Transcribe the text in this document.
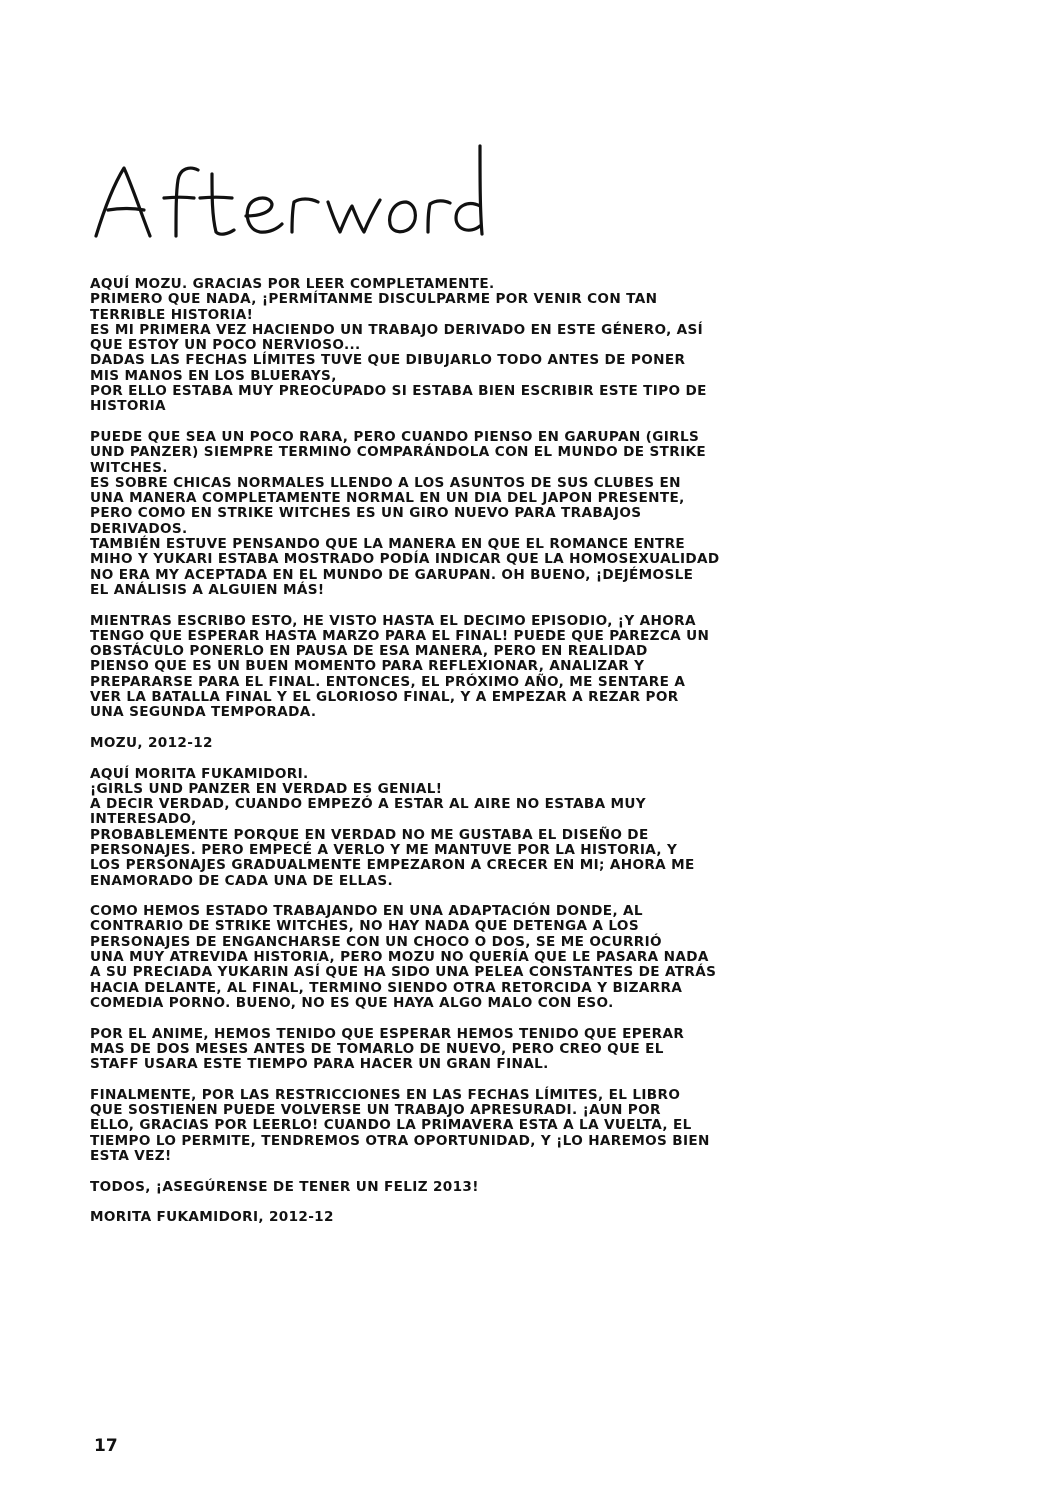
AQUÍ MOZU. GRACIAS POR LEER COMPLETAMENTE.
PRIMERO QUE NADA, ¡PERMÍTANME DISCULPARME POR VENIR CON TAN
TERRIBLE HISTORIA!
ES MI PRIMERA VEZ HACIENDO UN TRABAJO DERIVADO EN ESTE GÉNERO, ASÍ
QUE ESTOY UN POCO NERVIOSO...
DADAS LAS FECHAS LÍMITES TUVE QUE DIBUJARLO TODO ANTES DE PONER
MIS MANOS EN LOS BLUERAYS,
POR ELLO ESTABA MUY PREOCUPADO SI ESTABA BIEN ESCRIBIR ESTE TIPO DE
HISTORIA
PUEDE QUE SEA UN POCO RARA, PERO CUANDO PIENSO EN GARUPAN (GIRLS
UND PANZER) SIEMPRE TERMINO COMPARÁNDOLA CON EL MUNDO DE STRIKE
WITCHES.
ES SOBRE CHICAS NORMALES LLENDO A LOS ASUNTOS DE SUS CLUBES EN
UNA MANERA COMPLETAMENTE NORMAL EN UN DIA DEL JAPON PRESENTE,
PERO COMO EN STRIKE WITCHES ES UN GIRO NUEVO PARA TRABAJOS
DERIVADOS.
TAMBIÉN ESTUVE PENSANDO QUE LA MANERA EN QUE EL ROMANCE ENTRE
MIHO Y YUKARI ESTABA MOSTRADO PODÍA INDICAR QUE LA HOMOSEXUALIDAD
NO ERA MY ACEPTADA EN EL MUNDO DE GARUPAN. OH BUENO, ¡DEJÉMOSLE
EL ANÁLISIS A ALGUIEN MÁS!
MIENTRAS ESCRIBO ESTO, HE VISTO HASTA EL DECIMO EPISODIO, ¡Y AHORA
TENGO QUE ESPERAR HASTA MARZO PARA EL FINAL! PUEDE QUE PAREZCA UN
OBSTÁCULO PONERLO EN PAUSA DE ESA MANERA, PERO EN REALIDAD
PIENSO QUE ES UN BUEN MOMENTO PARA REFLEXIONAR, ANALIZAR Y
PREPARARSE PARA EL FINAL. ENTONCES, EL PRÓXIMO AÑO, ME SENTARE A
VER LA BATALLA FINAL Y EL GLORIOSO FINAL, Y A EMPEZAR A REZAR POR
UNA SEGUNDA TEMPORADA.
MOZU, 2012-12
AQUÍ MORITA FUKAMIDORI.
¡GIRLS UND PANZER EN VERDAD ES GENIAL!
A DECIR VERDAD, CUANDO EMPEZÓ A ESTAR AL AIRE NO ESTABA MUY
INTERESADO,
PROBABLEMENTE PORQUE EN VERDAD NO ME GUSTABA EL DISEÑO DE
PERSONAJES. PERO EMPECÉ A VERLO Y ME MANTUVE POR LA HISTORIA, Y
LOS PERSONAJES GRADUALMENTE EMPEZARON A CRECER EN MI; AHORA ME
ENAMORADO DE CADA UNA DE ELLAS.
COMO HEMOS ESTADO TRABAJANDO EN UNA ADAPTACIÓN DONDE, AL
CONTRARIO DE STRIKE WITCHES, NO HAY NADA QUE DETENGA A LOS
PERSONAJES DE ENGANCHARSE CON UN CHOCO O DOS, SE ME OCURRIÓ
UNA MUY ATREVIDA HISTORIA, PERO MOZU NO QUERÍA QUE LE PASARA NADA
A SU PRECIADA YUKARIN ASÍ QUE HA SIDO UNA PELEA CONSTANTES DE ATRÁS
HACIA DELANTE, AL FINAL, TERMINO SIENDO OTRA RETORCIDA Y BIZARRA
COMEDIA PORNO. BUENO, NO ES QUE HAYA ALGO MALO CON ESO.
POR EL ANIME, HEMOS TENIDO QUE ESPERAR HEMOS TENIDO QUE EPERAR
MAS DE DOS MESES ANTES DE TOMARLO DE NUEVO, PERO CREO QUE EL
STAFF USARA ESTE TIEMPO PARA HACER UN GRAN FINAL.
FINALMENTE, POR LAS RESTRICCIONES EN LAS FECHAS LÍMITES, EL LIBRO
QUE SOSTIENEN PUEDE VOLVERSE UN TRABAJO APRESURADI. ¡AUN POR
ELLO, GRACIAS POR LEERLO! CUANDO LA PRIMAVERA ESTA A LA VUELTA, EL
TIEMPO LO PERMITE, TENDREMOS OTRA OPORTUNIDAD, Y ¡LO HAREMOS BIEN
ESTA VEZ!
TODOS, ¡ASEGÚRENSE DE TENER UN FELIZ 2013!
MORITA FUKAMIDORI, 2012-12
17
